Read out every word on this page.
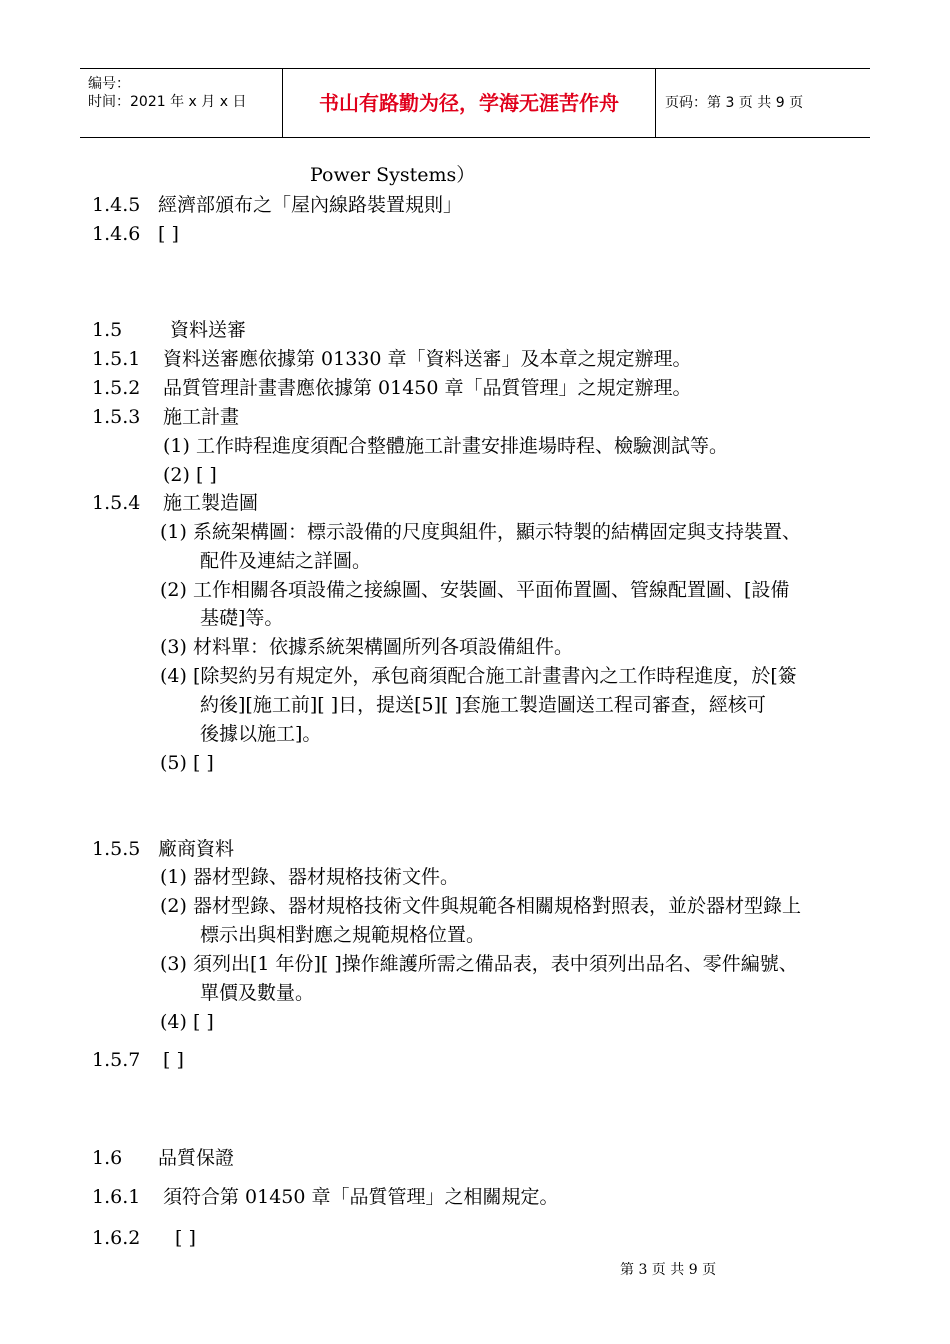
编号：
时间：2021 年 x 月 x 日	书山有路勤为径，学海无涯苦作舟	页码：第 3 页 共 9 页
Power Systems）
1.4.5 經濟部頒布之「屋內線路裝置規則」
1.4.6 [ ]
1.5	資料送審
1.5.1 資料送審應依據第 01330 章「資料送審」及本章之規定辦理。
1.5.2 品質管理計畫書應依據第 01450 章「品質管理」之規定辦理。
1.5.3 施工計畫
(1) 工作時程進度須配合整體施工計畫安排進場時程、檢驗測試等。
(2) [ ]
1.5.4 施工製造圖
(1) 系統架構圖：標示設備的尺度與組件，顯示特製的結構固定與支持裝置、
配件及連結之詳圖。
(2) 工作相關各項設備之接線圖、安裝圖、平面佈置圖、管線配置圖、[設備
基礎]等。
(3) 材料單：依據系統架構圖所列各項設備組件。
(4) [除契約另有規定外，承包商須配合施工計畫書內之工作時程進度，於[簽
約後][施工前][ ]日，提送[5][ ]套施工製造圖送工程司審查，經核可
後據以施工]。
(5) [ ]
1.5.5 廠商資料
(1) 器材型錄、器材規格技術文件。
(2) 器材型錄、器材規格技術文件與規範各相關規格對照表，並於器材型錄上
標示出與相對應之規範規格位置。
(3) 須列出[1 年份][ ]操作維護所需之備品表，表中須列出品名、零件編號、
單價及數量。
(4) [ ]
1.5.7 [ ]
1.6 品質保證
1.6.1 須符合第 01450 章「品質管理」之相關規定。
1.6.2 [ ]
第 3 页 共 9 页
